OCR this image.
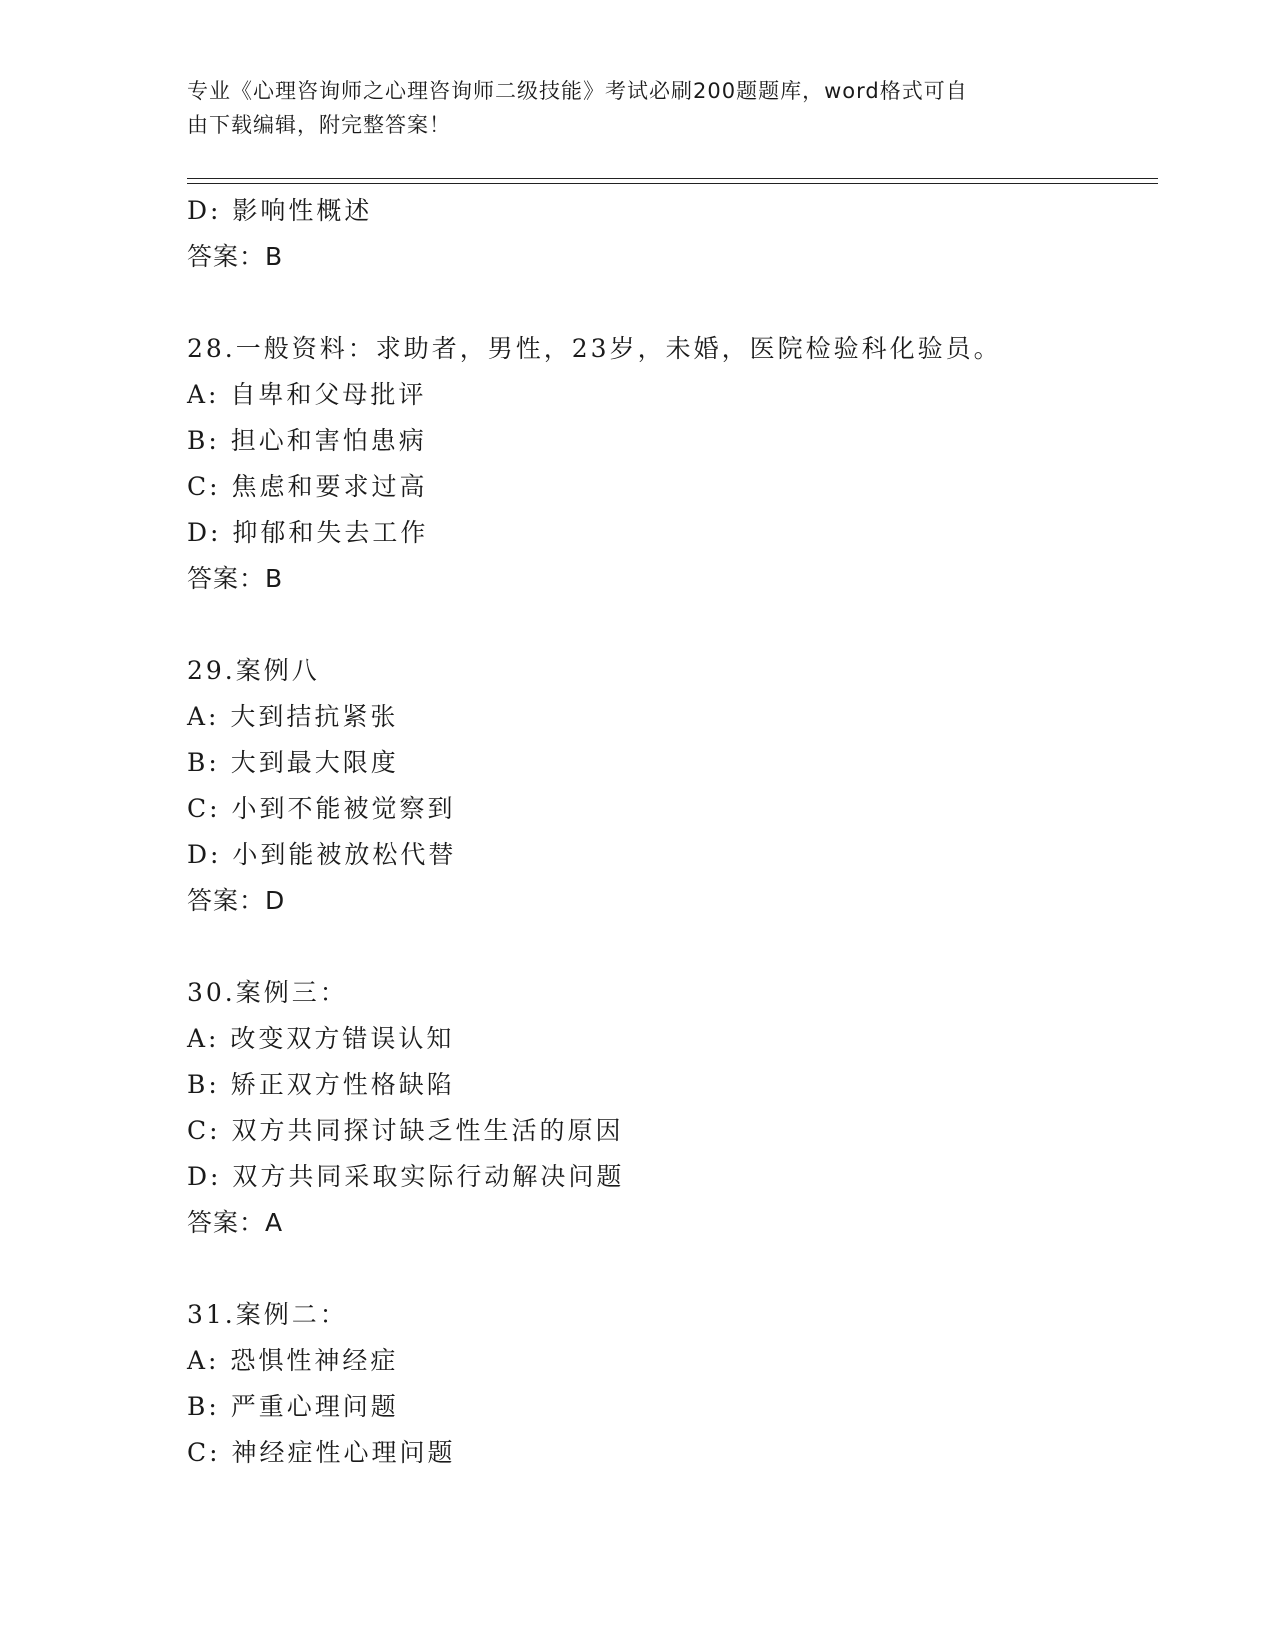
专业《心理咨询师之心理咨询师二级技能》考试必刷200题题库，word格式可自
由下载编辑，附完整答案！
D: 影响性概述
答案：B
28.一般资料：求助者，男性，23岁，未婚，医院检验科化验员。
A: 自卑和父母批评
B: 担心和害怕患病
C: 焦虑和要求过高
D: 抑郁和失去工作
答案：B
29.案例八
A: 大到拮抗紧张
B: 大到最大限度
C: 小到不能被觉察到
D: 小到能被放松代替
答案：D
30.案例三：
A: 改变双方错误认知
B: 矫正双方性格缺陷
C: 双方共同探讨缺乏性生活的原因
D: 双方共同采取实际行动解决问题
答案：A
31.案例二：
A: 恐惧性神经症
B: 严重心理问题
C: 神经症性心理问题
